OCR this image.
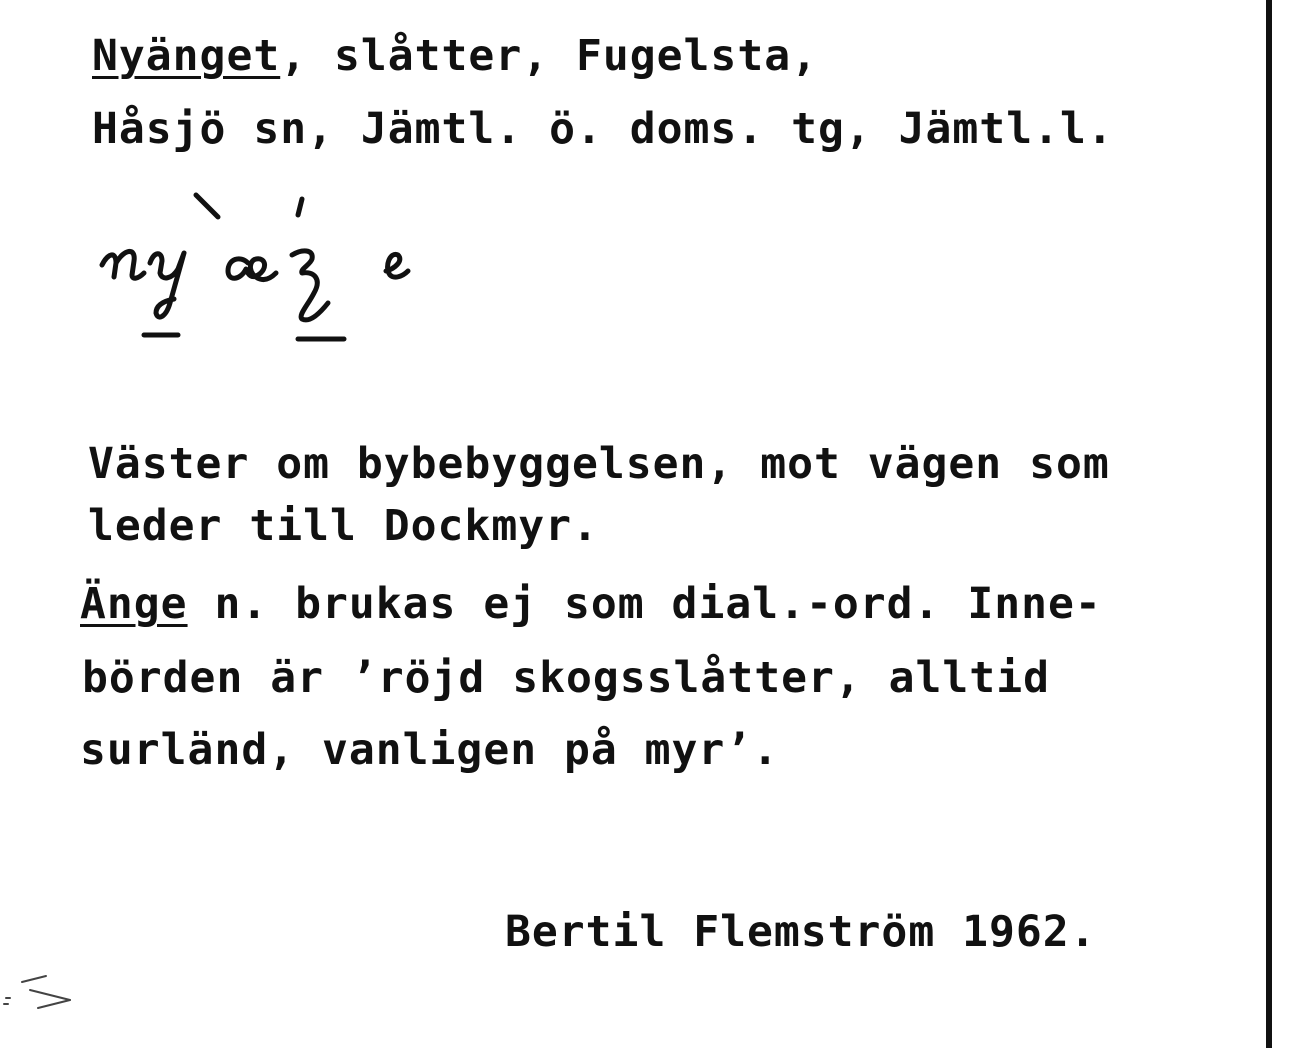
Nyänget, slåtter, Fugelsta,
Håsjö sn, Jämtl. ö. doms. tg, Jämtl.l.
Väster om bybebyggelsen, mot vägen som
leder till Dockmyr.
Änge n. brukas ej som dial.-ord. Inne-
börden är ’röjd skogsslåtter, alltid
surländ, vanligen på myr’.
Bertil Flemström 1962.
